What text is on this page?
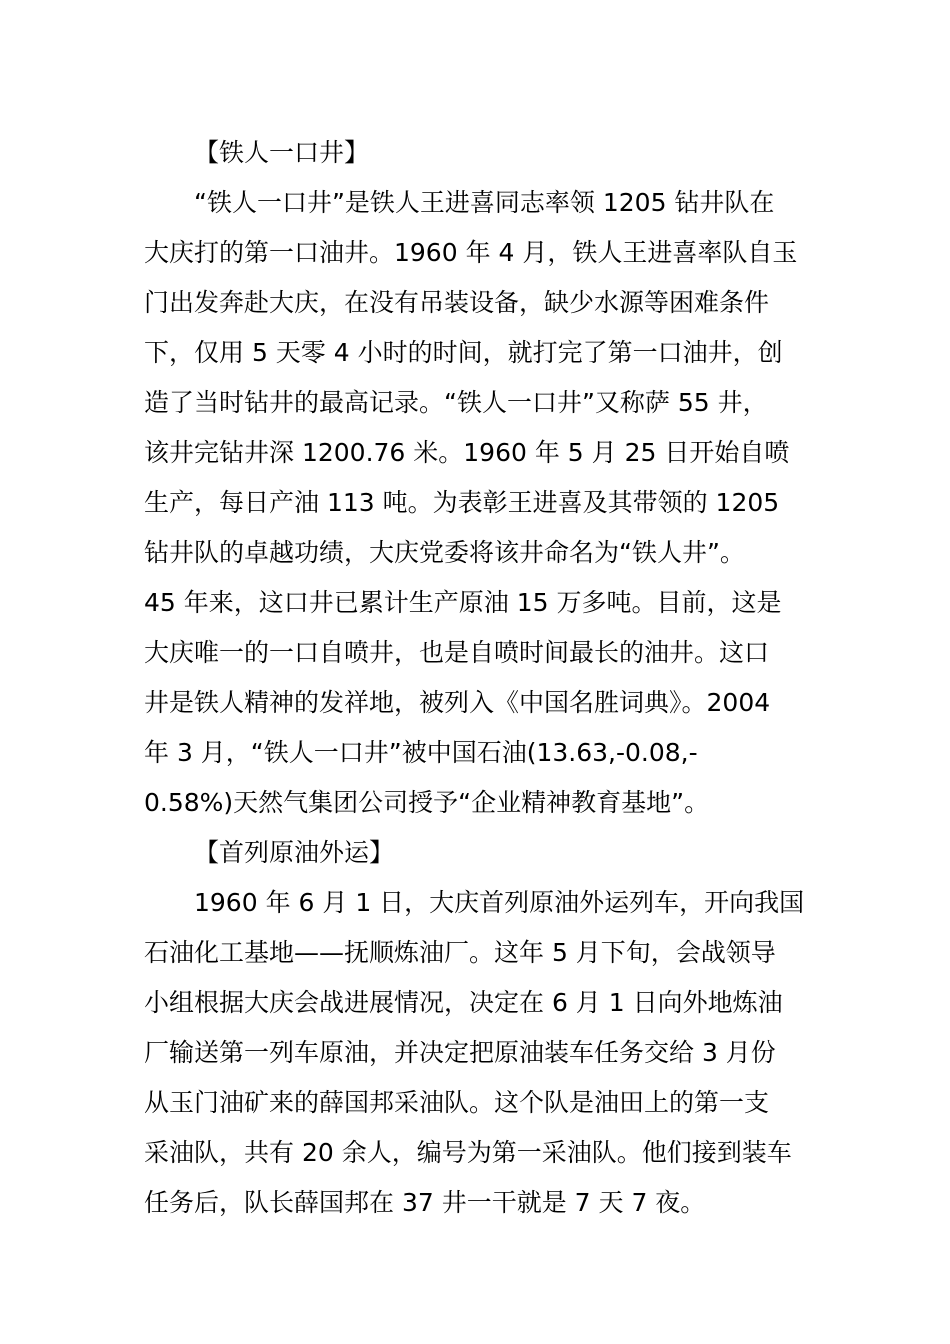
【铁人一口井】
“铁人一口井”是铁人王进喜同志率领 1205 钻井队在
大庆打的第一口油井。1960 年 4 月，铁人王进喜率队自玉
门出发奔赴大庆，在没有吊装设备，缺少水源等困难条件
下，仅用 5 天零 4 小时的时间，就打完了第一口油井，创
造了当时钻井的最高记录。“铁人一口井”又称萨 55 井，
该井完钻井深 1200.76 米。1960 年 5 月 25 日开始自喷
生产，每日产油 113 吨。为表彰王进喜及其带领的 1205
钻井队的卓越功绩，大庆党委将该井命名为“铁人井”。
45 年来，这口井已累计生产原油 15 万多吨。目前，这是
大庆唯一的一口自喷井，也是自喷时间最长的油井。这口
井是铁人精神的发祥地，被列入《中国名胜词典》。2004
年 3 月，“铁人一口井”被中国石油(13.63,-0.08,-
0.58%)天然气集团公司授予“企业精神教育基地”。
【首列原油外运】
1960 年 6 月 1 日，大庆首列原油外运列车，开向我国
石油化工基地——抚顺炼油厂。这年 5 月下旬，会战领导
小组根据大庆会战进展情况，决定在 6 月 1 日向外地炼油
厂输送第一列车原油，并决定把原油装车任务交给 3 月份
从玉门油矿来的薛国邦采油队。这个队是油田上的第一支
采油队，共有 20 余人，编号为第一采油队。他们接到装车
任务后，队长薛国邦在 37 井一干就是 7 天 7 夜。
